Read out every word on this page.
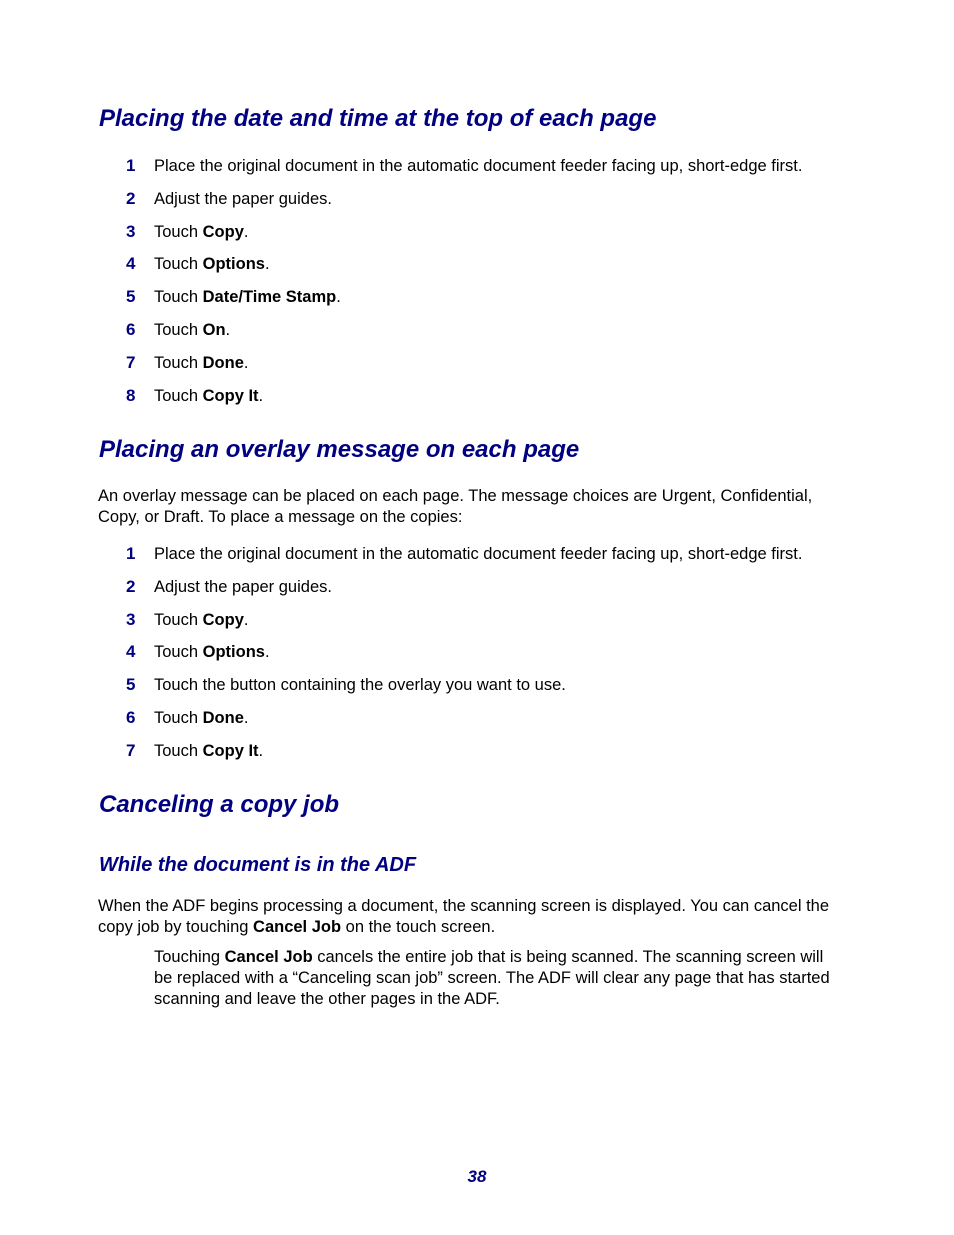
Placing the date and time at the top of each page
1 Place the original document in the automatic document feeder facing up, short-edge first.
2 Adjust the paper guides.
3 Touch Copy.
4 Touch Options.
5 Touch Date/Time Stamp.
6 Touch On.
7 Touch Done.
8 Touch Copy It.
Placing an overlay message on each page

An overlay message can be placed on each page. The message choices are Urgent, Confidential,
Copy, or Draft. To place a message on the copies:

1 Place the original document in the automatic document feeder facing up, short-edge first.
2 Adjust the paper guides.
3 Touch Copy.
4 Touch Options.
5 Touch the button containing the overlay you want to use.
6 Touch Done.
7 Touch Copy It.
Canceling a copy job
While the document is in the ADF

When the ADF begins processing a document, the scanning screen is displayed. You can cancel the
copy job by touching Cancel Job on the touch screen.

Touching Cancel Job cancels the entire job that is being scanned. The scanning screen will
be replaced with a “Canceling scan job” screen. The ADF will clear any page that has started
scanning and leave the other pages in the ADF.

38
